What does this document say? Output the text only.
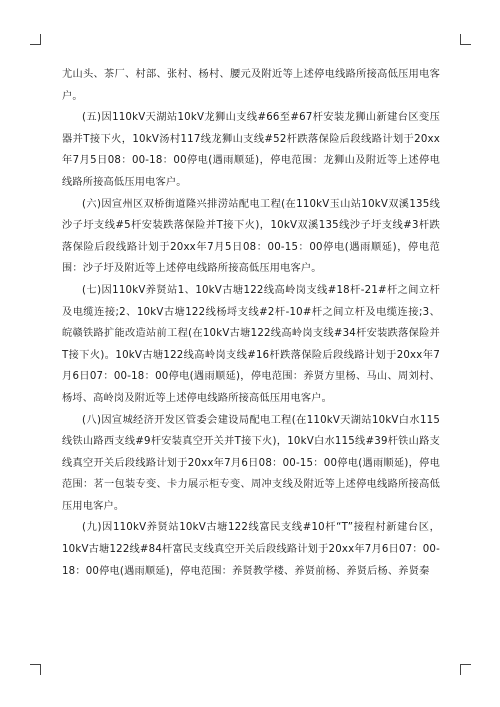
尤山头、茶厂、村部、张村、杨村、腰元及附近等上述停电线路所接高低压用电客户。

(五)因110kV天湖站10kV龙狮山支线#66至#67杆安装龙狮山新建台区变压器并T接下火，10kV汤村117线龙狮山支线#52杆跌落保险后段线路计划于20xx年7月5日08：00-18：00停电(遇雨顺延)，停电范围：龙狮山及附近等上述停电线路所接高低压用电客户。

(六)因宣州区双桥街道隆兴排涝站配电工程(在110kV玉山站10kV双溪135线沙子圩支线#5杆安装跌落保险并T接下火)，10kV双溪135线沙子圩支线#3杆跌落保险后段线路计划于20xx年7月5日08：00-15：00停电(遇雨顺延)，停电范围：沙子圩及附近等上述停电线路所接高低压用电客户。

(七)因110kV养贤站1、10kV古塘122线高岭岗支线#18杆-21#杆之间立杆及电缆连接;2、10kV古塘122线杨埒支线#2杆-10#杆之间立杆及电缆连接;3、皖赣铁路扩能改造站前工程(在10kV古塘122线高岭岗支线#34杆安装跌落保险并T接下火)。10kV古塘122线高岭岗支线#16杆跌落保险后段线路计划于20xx年7月6日07：00-18：00停电(遇雨顺延)，停电范围：养贤方里杨、马山、周刘村、杨埒、高岭岗及附近等上述停电线路所接高低压用电客户。

(八)因宣城经济开发区管委会建设局配电工程(在110kV天湖站10kV白水115线铁山路西支线#9杆安装真空开关并T接下火)，10kV白水115线#39杆铁山路支线真空开关后段线路计划于20xx年7月6日08：00-15：00停电(遇雨顺延)，停电范围：茗一包装专变、卡力展示柜专变、周冲支线及附近等上述停电线路所接高低压用电客户。

(九)因110kV养贤站10kV古塘122线富民支线#10杆“T”接程村新建台区，10kV古塘122线#84杆富民支线真空开关后段线路计划于20xx年7月6日07：00-18：00停电(遇雨顺延)，停电范围：养贤教学楼、养贤前杨、养贤后杨、养贤秦
